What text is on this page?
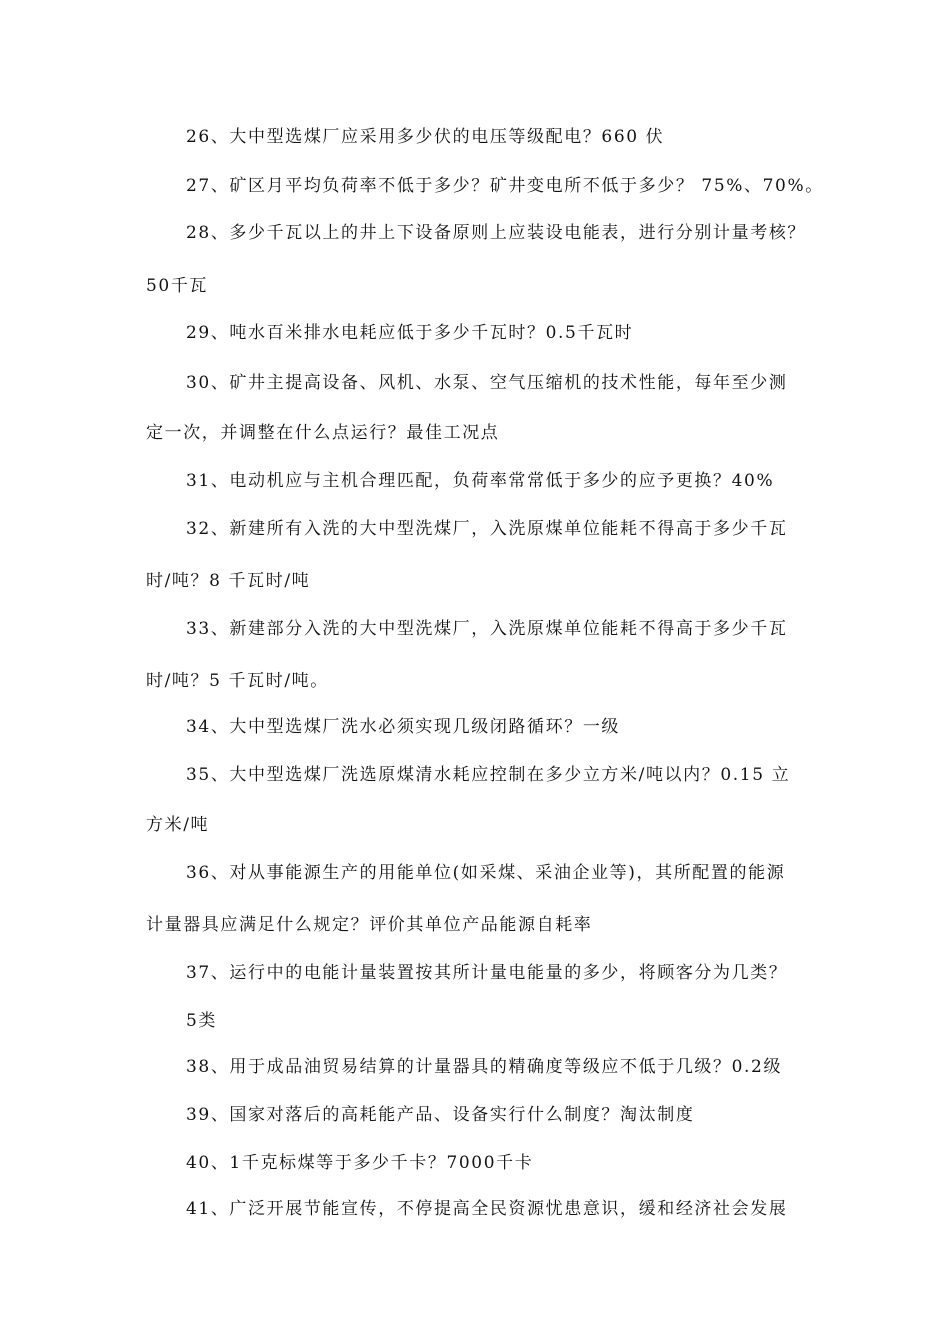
26、大中型选煤厂应采用多少伏的电压等级配电？660 伏
27、矿区月平均负荷率不低于多少？矿井变电所不低于多少？ 75%、70%。
28、多少千瓦以上的井上下设备原则上应装设电能表，进行分别计量考核？
50千瓦
29、吨水百米排水电耗应低于多少千瓦时？0.5千瓦时
30、矿井主提高设备、风机、水泵、空气压缩机的技术性能，每年至少测
定一次，并调整在什么点运行？最佳工况点
31、电动机应与主机合理匹配，负荷率常常低于多少的应予更换？40%
32、新建所有入洗的大中型洗煤厂，入洗原煤单位能耗不得高于多少千瓦
时/吨？8 千瓦时/吨
33、新建部分入洗的大中型洗煤厂，入洗原煤单位能耗不得高于多少千瓦
时/吨？5 千瓦时/吨。
34、大中型选煤厂洗水必须实现几级闭路循环？一级
35、大中型选煤厂洗选原煤清水耗应控制在多少立方米/吨以内？0.15 立
方米/吨
36、对从事能源生产的用能单位(如采煤、采油企业等)，其所配置的能源
计量器具应满足什么规定？评价其单位产品能源自耗率
37、运行中的电能计量装置按其所计量电能量的多少，将顾客分为几类？
5类
38、用于成品油贸易结算的计量器具的精确度等级应不低于几级？0.2级
39、国家对落后的高耗能产品、设备实行什么制度？淘汰制度
40、1千克标煤等于多少千卡？7000千卡
41、广泛开展节能宣传，不停提高全民资源忧患意识，缓和经济社会发展
